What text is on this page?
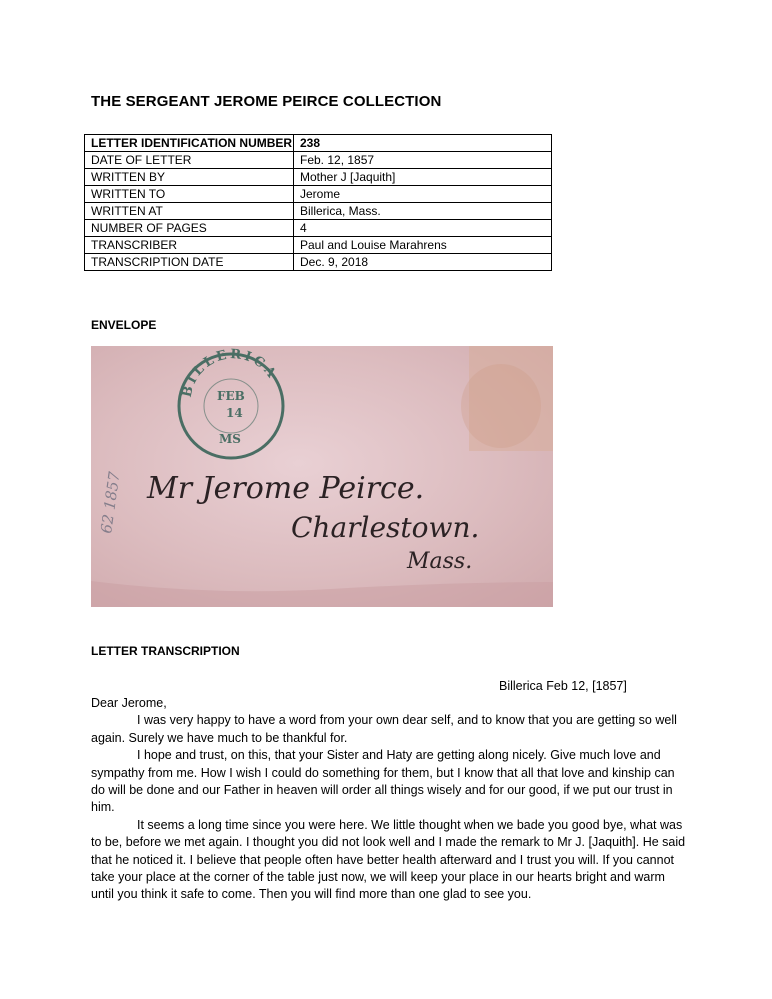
THE SERGEANT JEROME PEIRCE COLLECTION
LETTER IDENTIFICATION NUMBER	238
DATE OF LETTER	Feb. 12, 1857
WRITTEN BY	Mother J [Jaquith]
WRITTEN TO	Jerome
WRITTEN AT	Billerica, Mass.
NUMBER OF PAGES	4
TRANSCRIBER	Paul and Louise Marahrens
TRANSCRIPTION DATE	Dec. 9, 2018
ENVELOPE
BILLERICA
FEB
14
MS
62 1857 Mr Jerome Peirce.
Charlestown.
Mass.
LETTER TRANSCRIPTION
Billerica Feb 12, [1857]

Dear Jerome,

I was very happy to have a word from your own dear self, and to know that you are getting so well again. Surely we have much to be thankful for.

I hope and trust, on this, that your Sister and Haty are getting along nicely. Give much love and sympathy from me. How I wish I could do something for them, but I know that all that love and kinship can do will be done and our Father in heaven will order all things wisely and for our good, if we put our trust in him.

It seems a long time since you were here. We little thought when we bade you good bye, what was to be, before we met again. I thought you did not look well and I made the remark to Mr J. [Jaquith]. He said that he noticed it. I believe that people often have better health afterward and I trust you will. If you cannot take your place at the corner of the table just now, we will keep your place in our hearts bright and warm until you think it safe to come. Then you will find more than one glad to see you.
